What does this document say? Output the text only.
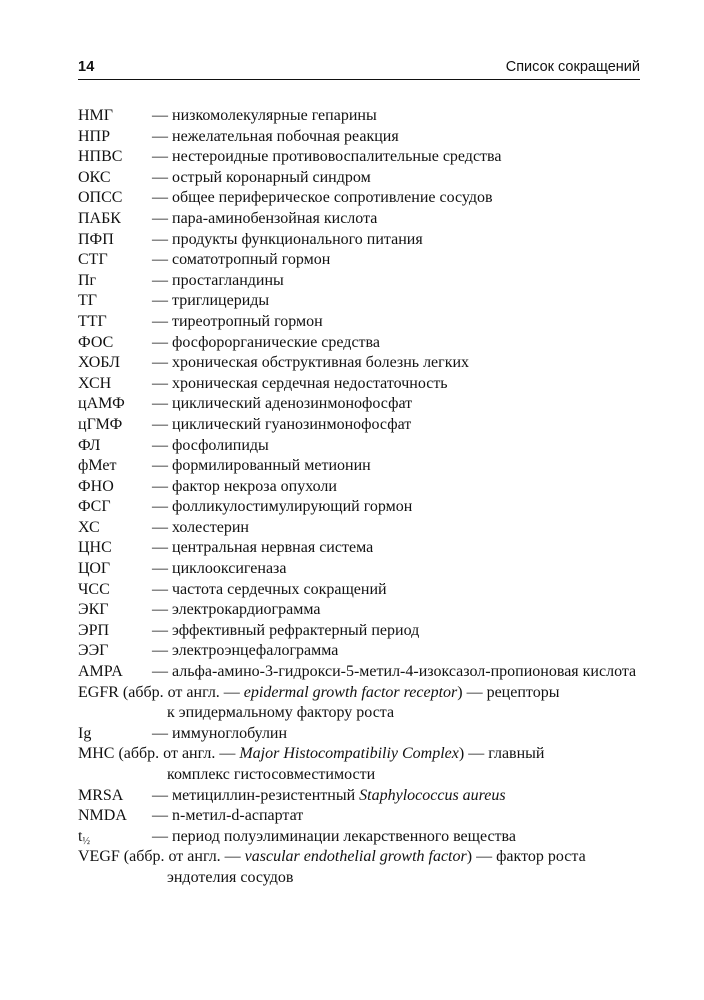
14	Список сокращений
НМГ — низкомолекулярные гепарины
НПР	— нежелательная побочная реакция
НПВС — нестероидные противовоспалительные средства
ОКС	— острый коронарный синдром
ОПСС — общее периферическое сопротивление сосудов
ПАБК — пара-аминобензойная кислота
ПФП — продукты функционального питания
СТГ	— соматотропный гормон
Пг	— простагландины
ТГ	— триглицериды
ТТГ	— тиреотропный гормон
ФОС — фосфорорганические средства
ХОБЛ — хроническая обструктивная болезнь легких
ХСН	— хроническая сердечная недостаточность
цАМФ — циклический аденозинмонофосфат
цГМФ — циклический гуанозинмонофосфат
ФЛ	— фосфолипиды
фМет — формилированный метионин
ФНО — фактор некроза опухоли
ФСГ	— фолликулостимулирующий гормон
ХС	— холестерин
ЦНС	— центральная нервная система
ЦОГ	— циклооксигеназа
ЧСС	— частота сердечных сокращений
ЭКГ	— электрокардиограмма
ЭРП	— эффективный рефрактерный период
ЭЭГ	— электроэнцефалограмма
AMPA — альфа-амино-3-гидрокси-5-метил-4-изоксазол-пропионовая кислота
EGFR (аббр. от англ. — epidermal growth factor receptor) — рецепторы
к эпидермальному фактору роста
Ig	— иммуноглобулин
MHC (аббр. от англ. — Major Histocompatibiliy Complex) — главный
комплекс гистосовместимости
MRSA — метициллин-резистентный Staphylococcus aureus
NMDA — n-метил-d-аспартат
$t_{\frac{1}{2}}$	— период полуэлиминации лекарственного вещества
VEGF (аббр. от англ. — vascular endothelial growth factor) — фактор роста
эндотелия сосудов
